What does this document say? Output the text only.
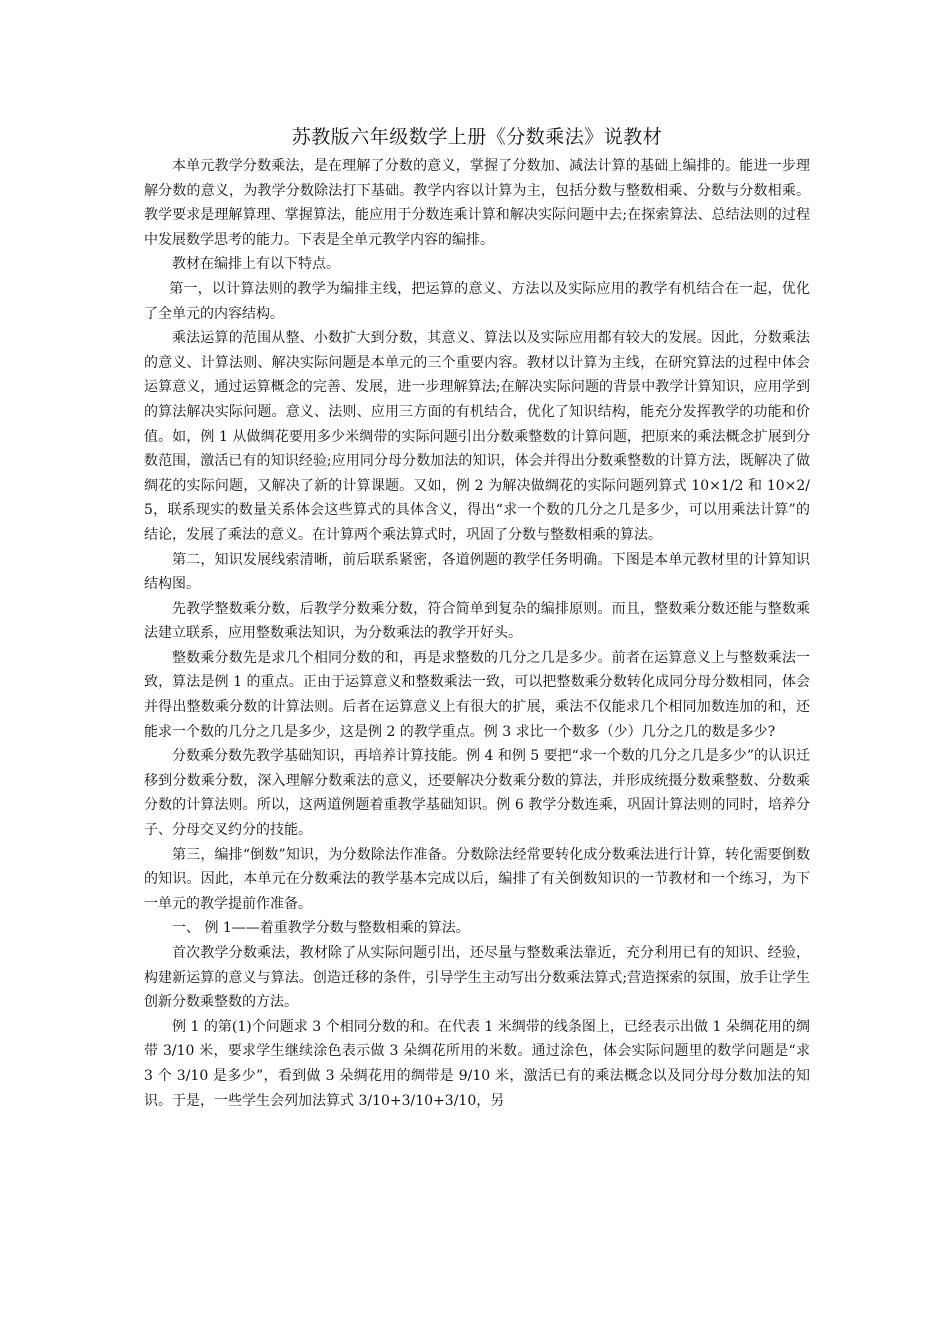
苏教版六年级数学上册《分数乘法》说教材

本单元教学分数乘法，是在理解了分数的意义，掌握了分数加、减法计算的基础上编排的。能进一步理解分数的意义，为教学分数除法打下基础。教学内容以计算为主，包括分数与整数相乘、分数与分数相乘。教学要求是理解算理、掌握算法，能应用于分数连乘计算和解决实际问题中去;在探索算法、总结法则的过程中发展数学思考的能力。下表是全单元教学内容的编排。

教材在编排上有以下特点。

第一，以计算法则的教学为编排主线，把运算的意义、方法以及实际应用的教学有机结合在一起，优化了全单元的内容结构。

乘法运算的范围从整、小数扩大到分数，其意义、算法以及实际应用都有较大的发展。因此，分数乘法的意义、计算法则、解决实际问题是本单元的三个重要内容。教材以计算为主线，在研究算法的过程中体会运算意义，通过运算概念的完善、发展，进一步理解算法;在解决实际问题的背景中教学计算知识，应用学到的算法解决实际问题。意义、法则、应用三方面的有机结合，优化了知识结构，能充分发挥教学的功能和价值。如，例 1 从做绸花要用多少米绸带的实际问题引出分数乘整数的计算问题，把原来的乘法概念扩展到分数范围，激活已有的知识经验;应用同分母分数加法的知识，体会并得出分数乘整数的计算方法，既解决了做绸花的实际问题，又解决了新的计算课题。又如，例 2 为解决做绸花的实际问题列算式 10×1/2 和 10×2/5，联系现实的数量关系体会这些算式的具体含义，得出“求一个数的几分之几是多少，可以用乘法计算”的结论，发展了乘法的意义。在计算两个乘法算式时，巩固了分数与整数相乘的算法。

第二，知识发展线索清晰，前后联系紧密，各道例题的教学任务明确。下图是本单元教材里的计算知识结构图。

先教学整数乘分数，后教学分数乘分数，符合简单到复杂的编排原则。而且，整数乘分数还能与整数乘法建立联系，应用整数乘法知识，为分数乘法的教学开好头。

整数乘分数先是求几个相同分数的和，再是求整数的几分之几是多少。前者在运算意义上与整数乘法一致，算法是例 1 的重点。正由于运算意义和整数乘法一致，可以把整数乘分数转化成同分母分数相同，体会并得出整数乘分数的计算法则。后者在运算意义上有很大的扩展，乘法不仅能求几个相同加数连加的和，还能求一个数的几分之几是多少，这是例 2 的教学重点。例 3 求比一个数多（少）几分之几的数是多少?

分数乘分数先教学基础知识，再培养计算技能。例 4 和例 5 要把“求一个数的几分之几是多少”的认识迁移到分数乘分数，深入理解分数乘法的意义，还要解决分数乘分数的算法，并形成统摄分数乘整数、分数乘分数的计算法则。所以，这两道例题着重教学基础知识。例 6 教学分数连乘，巩固计算法则的同时，培养分子、分母交叉约分的技能。

第三，编排“倒数”知识，为分数除法作准备。分数除法经常要转化成分数乘法进行计算，转化需要倒数的知识。因此，本单元在分数乘法的教学基本完成以后，编排了有关倒数知识的一节教材和一个练习，为下一单元的教学提前作准备。

一、 例 1——着重教学分数与整数相乘的算法。

首次教学分数乘法，教材除了从实际问题引出，还尽量与整数乘法靠近，充分利用已有的知识、经验，构建新运算的意义与算法。创造迁移的条件，引导学生主动写出分数乘法算式;营造探索的氛围，放手让学生创新分数乘整数的方法。

例 1 的第(1)个问题求 3 个相同分数的和。在代表 1 米绸带的线条图上，已经表示出做 1 朵绸花用的绸带 3/10 米，要求学生继续涂色表示做 3 朵绸花所用的米数。通过涂色，体会实际问题里的数学问题是“求 3 个 3/10 是多少”，看到做 3 朵绸花用的绸带是 9/10 米，激活已有的乘法概念以及同分母分数加法的知识。于是，一些学生会列加法算式 3/10+3/10+3/10，另
